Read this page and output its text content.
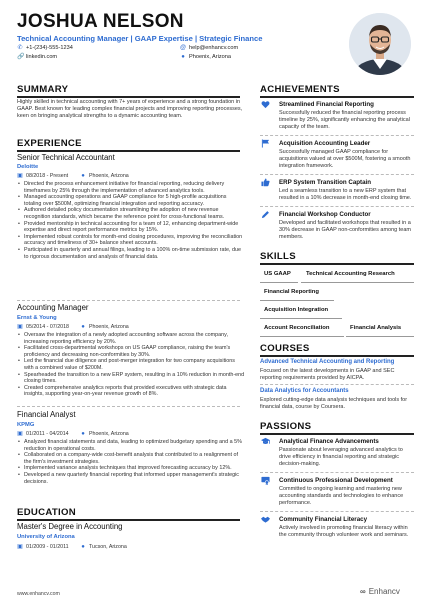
JOSHUA NELSON
Technical Accounting Manager | GAAP Expertise | Strategic Finance
✆ +1-(234)-555-1234	@ help@enhancv.com
🔗 linkedin.com	● Phoenix, Arizona
SUMMARY
Highly skilled in technical accounting with 7+ years of experience and a strong foundation in GAAP. Best known for leading complex financial projects and improving reporting processes, keen on bringing analytical strengths to a dynamic accounting team.
EXPERIENCE
Senior Technical Accountant
Deloitte
▣ 08/2018 - Present ● Phoenix, Arizona
• Directed the process enhancement initiative for financial reporting, reducing delivery timeframes by 25% through the implementation of advanced analytics tools.
• Managed accounting operations and GAAP compliance for 5 high-profile acquisitions totaling over $500M, optimizing financial integration and reporting accuracy.
• Authored detailed policy documentation streamlining the adoption of new revenue recognition standards, which became the reference point for cross-functional teams.
• Provided mentorship in technical accounting for a team of 12, enhancing department-wide expertise and direct report performance metrics by 15%.
• Implemented robust controls for month-end closing procedures, improving the reconciliation accuracy and timeliness of 30+ balance sheet accounts.
• Participated in quarterly and annual filings, leading to a 100% on-time submission rate, due to rigorous documentation and analysis of financial data.
Accounting Manager
Ernst & Young
▣ 05/2014 - 07/2018 ● Phoenix, Arizona
• Oversaw the integration of a newly adopted accounting software across the company, increasing reporting efficiency by 20%.
• Facilitated cross-departmental workshops on US GAAP compliance, raising the team's proficiency and decreasing non-conformities by 30%.
• Led the financial due diligence and post-merger integration for two company acquisitions with a combined value of $200M.
• Spearheaded the transition to a new ERP system, resulting in a 10% reduction in month-end closing times.
• Created comprehensive analytics reports that provided executives with strategic data insights, supporting year-on-year revenue growth of 8%.
Financial Analyst
KPMG
▣ 01/2011 - 04/2014 ● Phoenix, Arizona
• Analyzed financial statements and data, leading to optimized budgetary spending and a 5% reduction in operational costs.
• Collaborated on a company-wide cost-benefit analysis that contributed to a realignment of the firm's investment strategies.
• Implemented variance analysis techniques that improved forecasting accuracy by 12%.
• Developed a new quarterly financial reporting that informed upper management's strategic decisions.
EDUCATION
Master's Degree in Accounting
University of Arizona
▣ 01/2009 - 01/2011 ● Tucson, Arizona
ACHIEVEMENTS
Streamlined Financial Reporting
Successfully reduced the financial reporting process timeline by 25%, significantly enhancing the analytical capacity of the team.
Acquisition Accounting Leader
Successfully managed GAAP compliance for acquisitions valued at over $500M, fostering a smooth integration framework.
ERP System Transition Captain
Led a seamless transition to a new ERP system that resulted in a 10% decrease in month-end closing time.
Financial Workshop Conductor
Developed and facilitated workshops that resulted in a 30% decrease in GAAP non-conformities among team members.
SKILLS
US GAAP	Technical Accounting Research
Financial Reporting
Acquisition Integration
Account Reconciliation	Financial Analysis
COURSES
Advanced Technical Accounting and Reporting
Focused on the latest developments in GAAP and SEC reporting requirements provided by AICPA.
Data Analytics for Accountants
Explored cutting-edge data analysis techniques and tools for financial data, course by Coursera.
PASSIONS
Analytical Finance Advancements
Passionate about leveraging advanced analytics to drive efficiency in financial reporting and strategic decision-making.
Continuous Professional Development
Committed to ongoing learning and mastering new accounting standards and technologies to enhance performance.
Community Financial Literacy
Actively involved in promoting financial literacy within the community through volunteer work and seminars.
www.enhancv.com	∞ Enhancv
